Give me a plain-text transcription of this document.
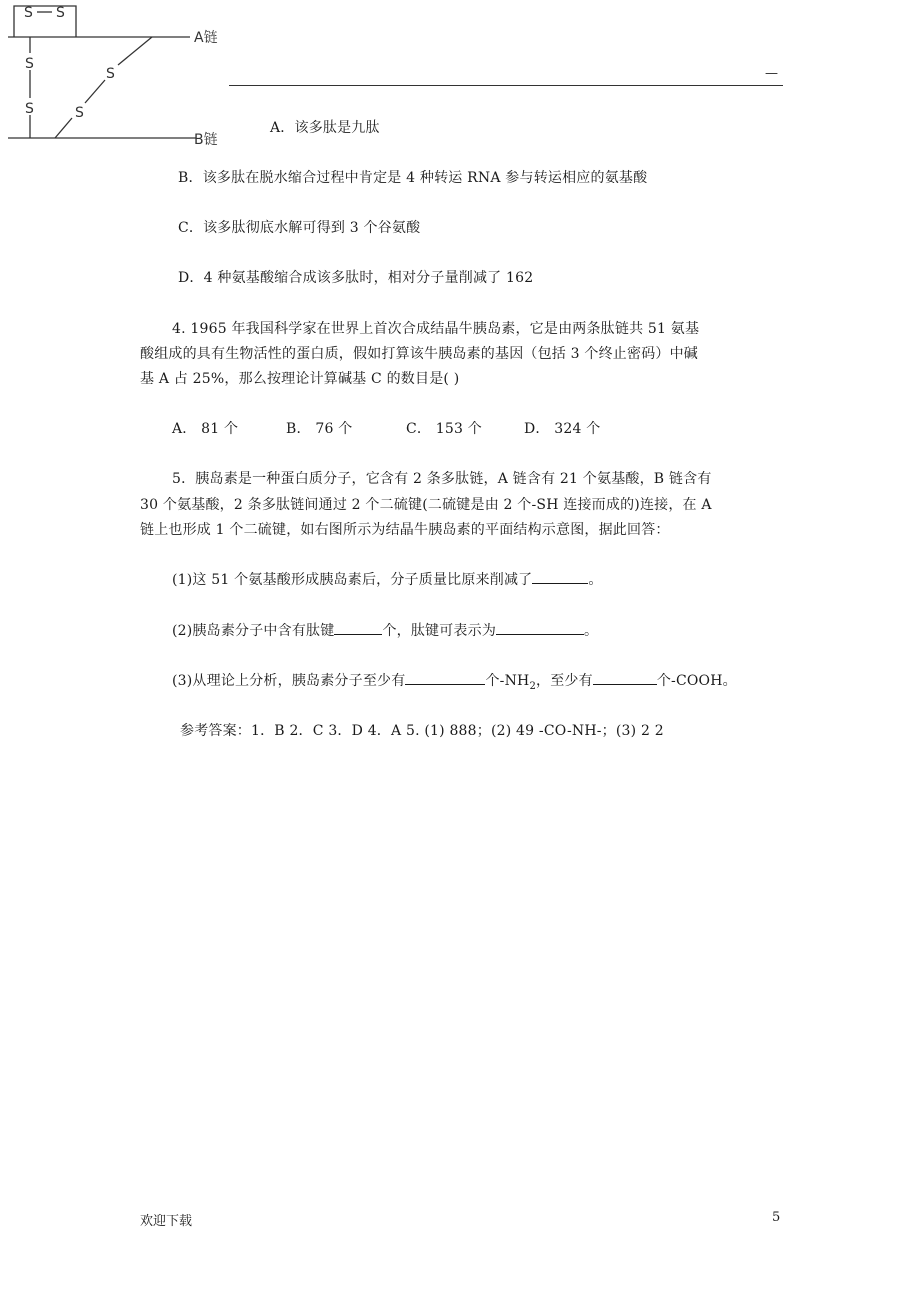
S S
S
S
S
S
A链
B链
—
A．该多肽是九肽
B．该多肽在脱水缩合过程中肯定是 4 种转运 RNA 参与转运相应的氨基酸
C．该多肽彻底水解可得到 3 个谷氨酸
D．4 种氨基酸缩合成该多肽时，相对分子量削减了 162
4. 1965 年我国科学家在世界上首次合成结晶牛胰岛素，它是由两条肽链共 51 氨基
酸组成的具有生物活性的蛋白质，假如打算该牛胰岛素的基因（包括 3 个终止密码）中碱
基 A 占 25%，那么按理论计算碱基 C 的数目是( )
A． 81 个	B． 76 个	C． 153 个	D． 324 个
5．胰岛素是一种蛋白质分子，它含有 2 条多肽链，A 链含有 21 个氨基酸，B 链含有
30 个氨基酸，2 条多肽链间通过 2 个二硫键(二硫键是由 2 个-SH 连接而成的)连接，在 A
链上也形成 1 个二硫键，如右图所示为结晶牛胰岛素的平面结构示意图，据此回答：
(1)这 51 个氨基酸形成胰岛素后，分子质量比原来削减了	。
(2)胰岛素分子中含有肽键	个，肽键可表示为	。
(3)从理论上分析，胰岛素分子至少有	个$-NH_2$，至少有	个-COOH。
参考答案：1．B 2．C 3．D 4．A 5. (1) 888；(2) 49 -CO-NH-；(3) 2 2
欢迎下载	5
